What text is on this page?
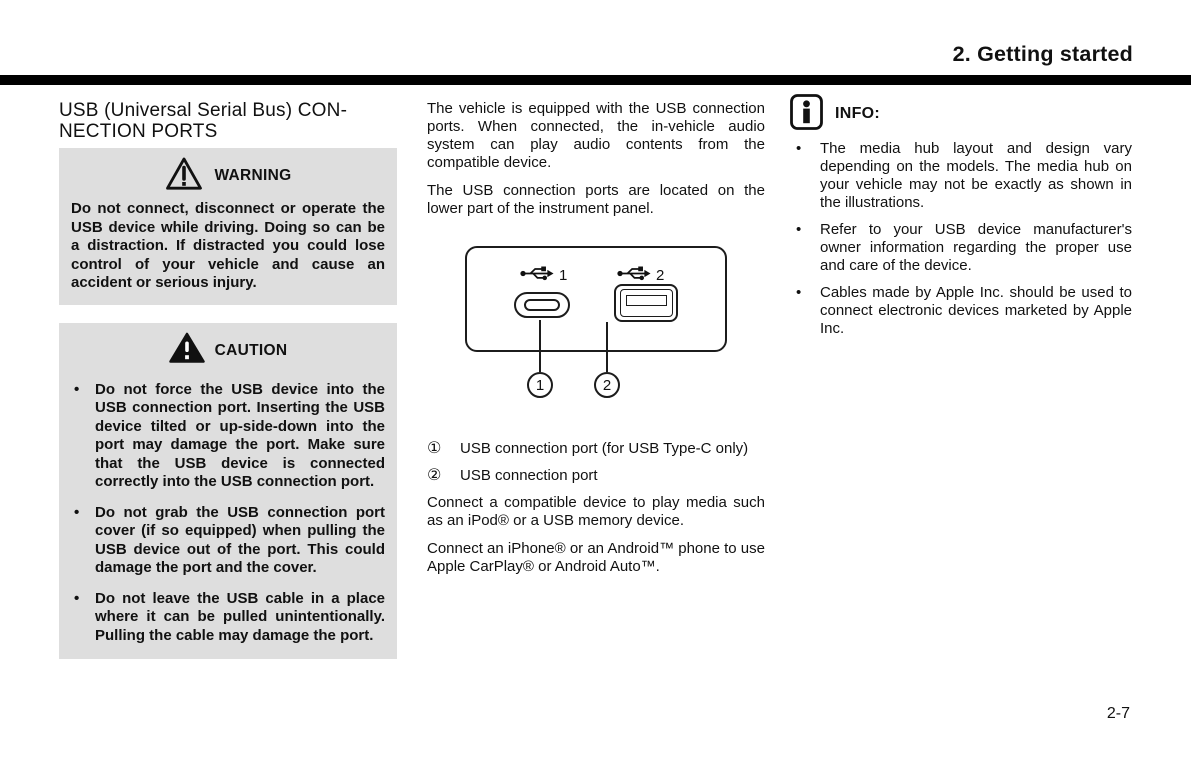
2. Getting started
USB (Universal Serial Bus) CON-
NECTION PORTS
WARNING

Do not connect, disconnect or operate the USB device while driving. Doing so can be a distraction. If distracted you could lose control of your vehicle and cause an accident or serious injury.

CAUTION
•	Do not force the USB device into the USB connection port. Inserting the USB device tilted or up-side-down into the port may damage the port. Make sure that the USB device is connected correctly into the USB connection port.
•	Do not grab the USB connection port cover (if so equipped) when pulling the USB device out of the port. This could damage the port and the cover.
•	Do not leave the USB cable in a place where it can be pulled unintentionally. Pulling the cable may damage the port.

The vehicle is equipped with the USB connection ports. When connected, the in-vehicle audio system can play audio contents from the compatible device.

The USB connection ports are located on the lower part of the instrument panel.

1	2
1	2
①	USB connection port (for USB Type-C only)
②	USB connection port

Connect a compatible device to play media such as an iPod® or a USB memory device.

Connect an iPhone® or an Android™ phone to use Apple CarPlay® or Android Auto™.

INFO:
•	The media hub layout and design vary depending on the models. The media hub on your vehicle may not be exactly as shown in the illustrations.
•	Refer to your USB device manufacturer's owner information regarding the proper use and care of the device.
•	Cables made by Apple Inc. should be used to connect electronic devices marketed by Apple Inc.
2-7
